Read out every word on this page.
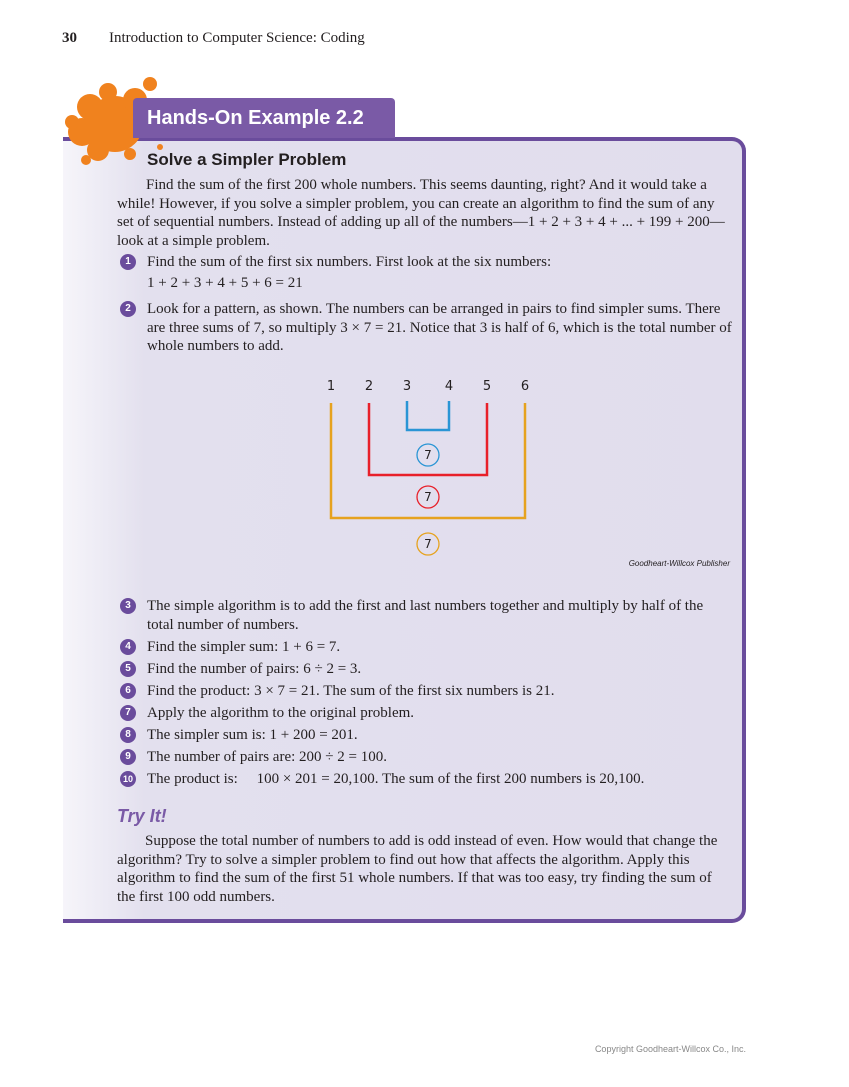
30 Introduction to Computer Science: Coding
Hands-On Example 2.2
Solve a Simpler Problem
Find the sum of the first 200 whole numbers. This seems daunting, right? And it would take a while! However, if you solve a simpler problem, you can create an algorithm to find the sum of any set of sequential numbers. Instead of adding up all of the numbers—1 + 2 + 3 + 4 + ... + 199 + 200—look at a simple problem.
1	Find the sum of the first six numbers. First look at the six numbers:
1 + 2 + 3 + 4 + 5 + 6 = 21
2	Look for a pattern, as shown. The numbers can be arranged in pairs to find simpler sums. There are three sums of 7, so multiply 3 × 7 = 21. Notice that 3 is half of 6, which is the total number of whole numbers to add.
1 2 3	4 5 6
7
7
7
Goodheart-Willcox Publisher
3	The simple algorithm is to add the first and last numbers together and multiply by half of the total number of numbers.
4	Find the simpler sum: 1 + 6 = 7.
5	Find the number of pairs: 6 ÷ 2 = 3.
6	Find the product: 3 × 7 = 21. The sum of the first six numbers is 21.
7	Apply the algorithm to the original problem.
8	The simpler sum is: 1 + 200 = 201.
9	The number of pairs are: 200 ÷ 2 = 100.
10 The product is:     100 × 201 = 20,100. The sum of the first 200 numbers is 20,100.
Try It!
Suppose the total number of numbers to add is odd instead of even. How would that change the algorithm? Try to solve a simpler problem to find out how that affects the algorithm. Apply this algorithm to find the sum of the first 51 whole numbers. If that was too easy, try finding the sum of the first 100 odd numbers.
Copyright Goodheart-Willcox Co., Inc.
